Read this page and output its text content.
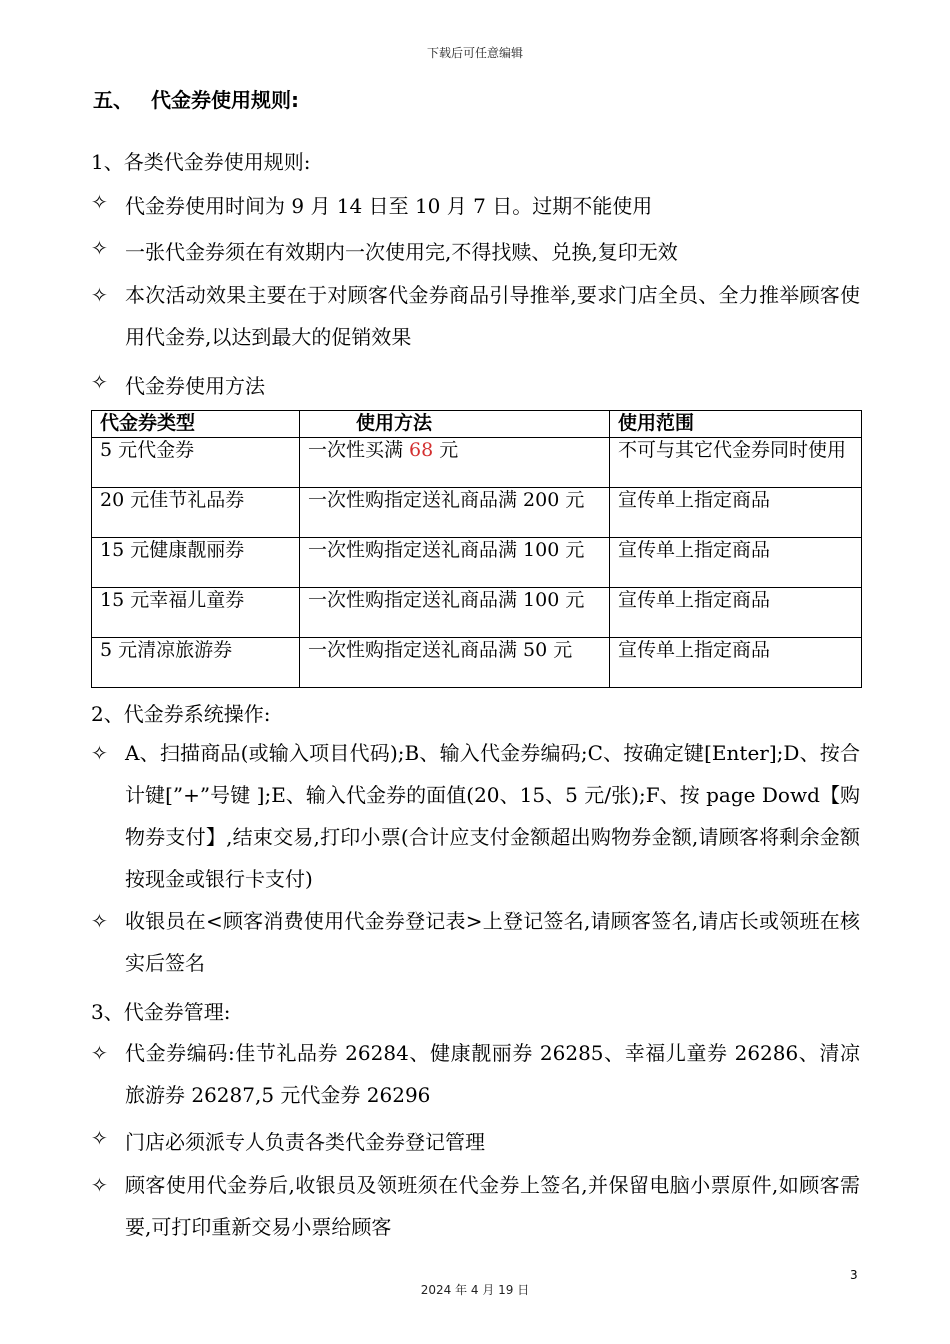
下载后可任意编辑
五、 代金券使用规则:
1、各类代金券使用规则:
✧ 代金券使用时间为 9 月 14 日至 10 月 7 日。过期不能使用
✧ 一张代金券须在有效期内一次使用完,不得找赎、兑换,复印无效
✧ 本次活动效果主要在于对顾客代金券商品引导推举,要求门店全员、全力推举顾客使用代金券,以达到最大的促销效果
✧ 代金券使用方法
代金券类型	使用方法	使用范围
5 元代金券	一次性买满 68 元	不可与其它代金券同时使用
20 元佳节礼品券	一次性购指定送礼商品满 200 元	宣传单上指定商品
15 元健康靓丽券	一次性购指定送礼商品满 100 元	宣传单上指定商品
15 元幸福儿童券	一次性购指定送礼商品满 100 元	宣传单上指定商品
5 元清凉旅游券	一次性购指定送礼商品满 50 元	宣传单上指定商品
2、代金券系统操作:
✧ A、扫描商品(或输入项目代码);B、输入代金券编码;C、按确定键[Enter];D、按合计键[”+”号键 ];E、输入代金券的面值(20、15、5 元/张);F、按 page Dowd【购物券支付】,结束交易,打印小票(合计应支付金额超出购物券金额,请顾客将剩余金额按现金或银行卡支付)
✧ 收银员在<顾客消费使用代金券登记表>上登记签名,请顾客签名,请店长或领班在核实后签名
3、代金券管理:
✧ 代金券编码:佳节礼品券 26284、健康靓丽券 26285、幸福儿童券 26286、清凉旅游券 26287,5 元代金券 26296
✧ 门店必须派专人负责各类代金券登记管理
✧ 顾客使用代金券后,收银员及领班须在代金券上签名,并保留电脑小票原件,如顾客需要,可打印重新交易小票给顾客
3
2024 年 4 月 19 日
